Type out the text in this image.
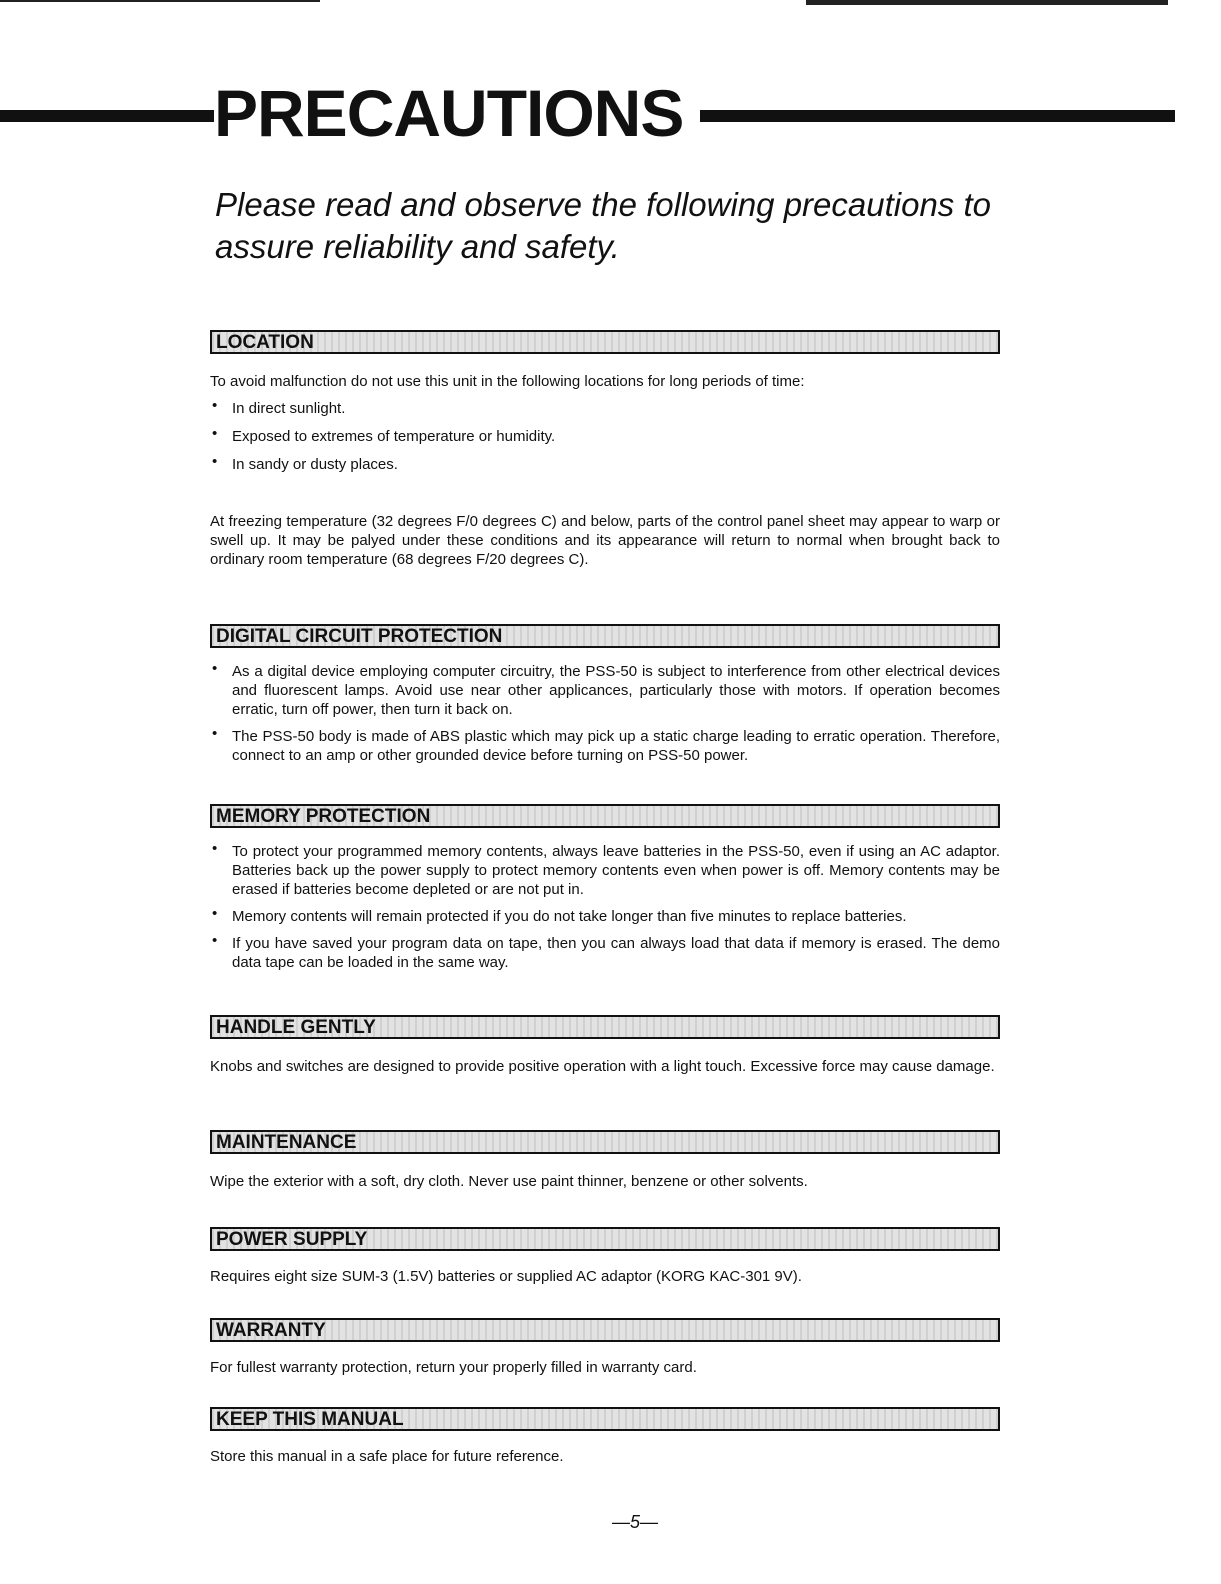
PRECAUTIONS

Please read and observe the following precautions to assure reliability and safety.

LOCATION

To avoid malfunction do not use this unit in the following locations for long periods of time:

• In direct sunlight.
• Exposed to extremes of temperature or humidity.
• In sandy or dusty places.

At freezing temperature (32 degrees F/0 degrees C) and below, parts of the control panel sheet may appear to warp or swell up. It may be palyed under these conditions and its appearance will return to normal when brought back to ordinary room temperature (68 degrees F/20 degrees C).

DIGITAL CIRCUIT PROTECTION
• As a digital device employing computer circuitry, the PSS-50 is subject to interference from other electrical devices and fluorescent lamps. Avoid use near other applicances, particularly those with motors. If operation becomes erratic, turn off power, then turn it back on.
• The PSS-50 body is made of ABS plastic which may pick up a static charge leading to erratic operation. Therefore, connect to an amp or other grounded device before turning on PSS-50 power.
MEMORY PROTECTION
• To protect your programmed memory contents, always leave batteries in the PSS-50, even if using an AC adaptor. Batteries back up the power supply to protect memory contents even when power is off. Memory contents may be erased if batteries become depleted or are not put in.
• Memory contents will remain protected if you do not take longer than five minutes to replace batteries.
• If you have saved your program data on tape, then you can always load that data if memory is erased. The demo data tape can be loaded in the same way.
HANDLE GENTLY

Knobs and switches are designed to provide positive operation with a light touch. Excessive force may cause damage.

MAINTENANCE

Wipe the exterior with a soft, dry cloth. Never use paint thinner, benzene or other solvents.

POWER SUPPLY

Requires eight size SUM-3 (1.5V) batteries or supplied AC adaptor (KORG KAC-301 9V).

WARRANTY

For fullest warranty protection, return your properly filled in warranty card.

KEEP THIS MANUAL

Store this manual in a safe place for future reference.

—5—
